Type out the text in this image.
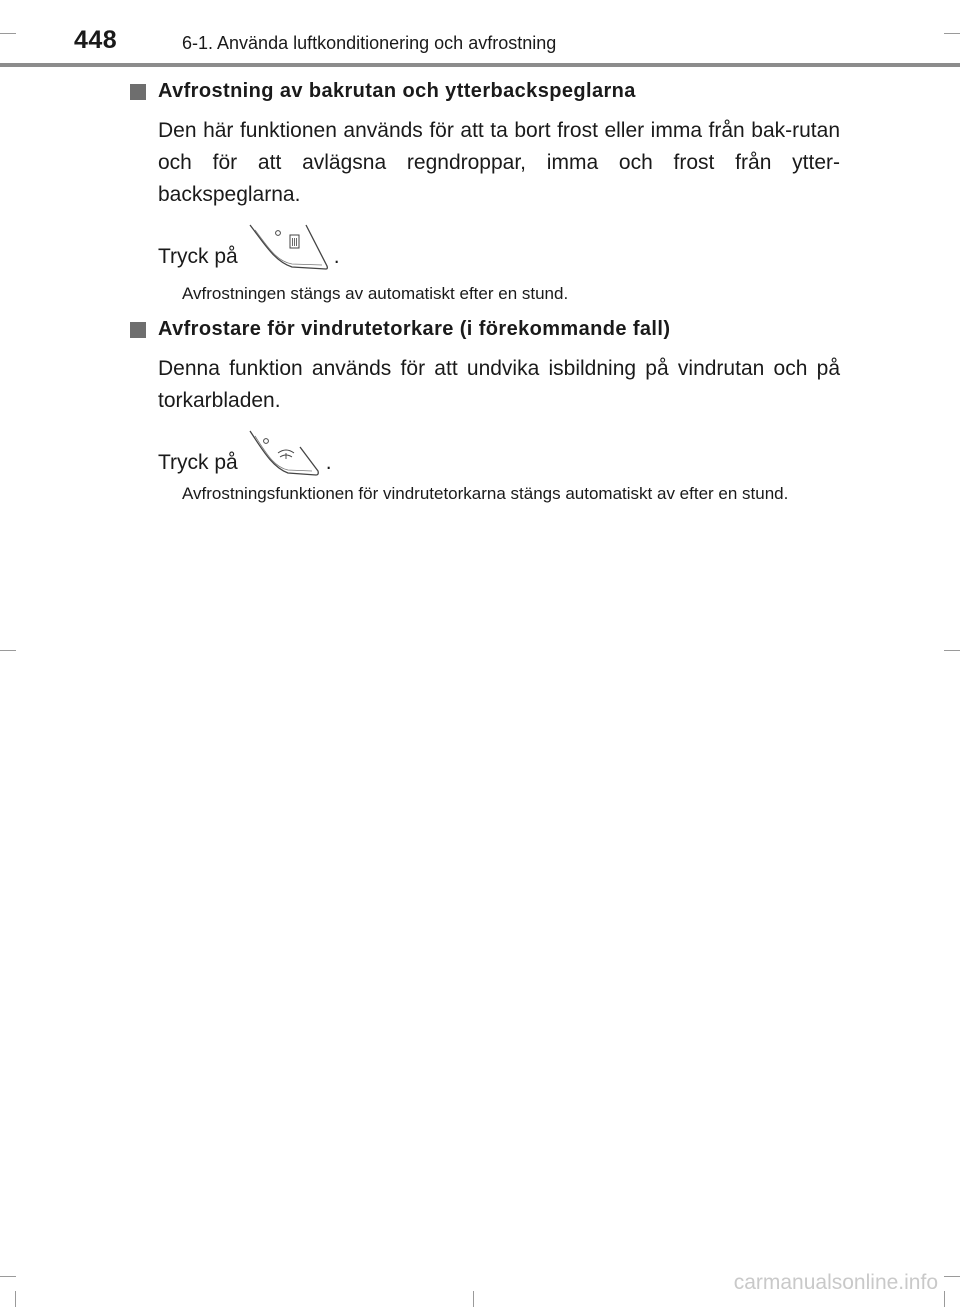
448	6-1. Använda luftkonditionering och avfrostning
Avfrostning av bakrutan och ytterbackspeglarna
Den här funktionen används för att ta bort frost eller imma från bak-rutan och för att avlägsna regndroppar, imma och frost från ytter-backspeglarna.
Tryck på	.
Avfrostningen stängs av automatiskt efter en stund.
Avfrostare för vindrutetorkare (i förekommande fall)
Denna funktion används för att undvika isbildning på vindrutan och på torkarbladen.
Tryck på	.
Avfrostningsfunktionen för vindrutetorkarna stängs automatiskt av efter en stund.
carmanualsonline.info
